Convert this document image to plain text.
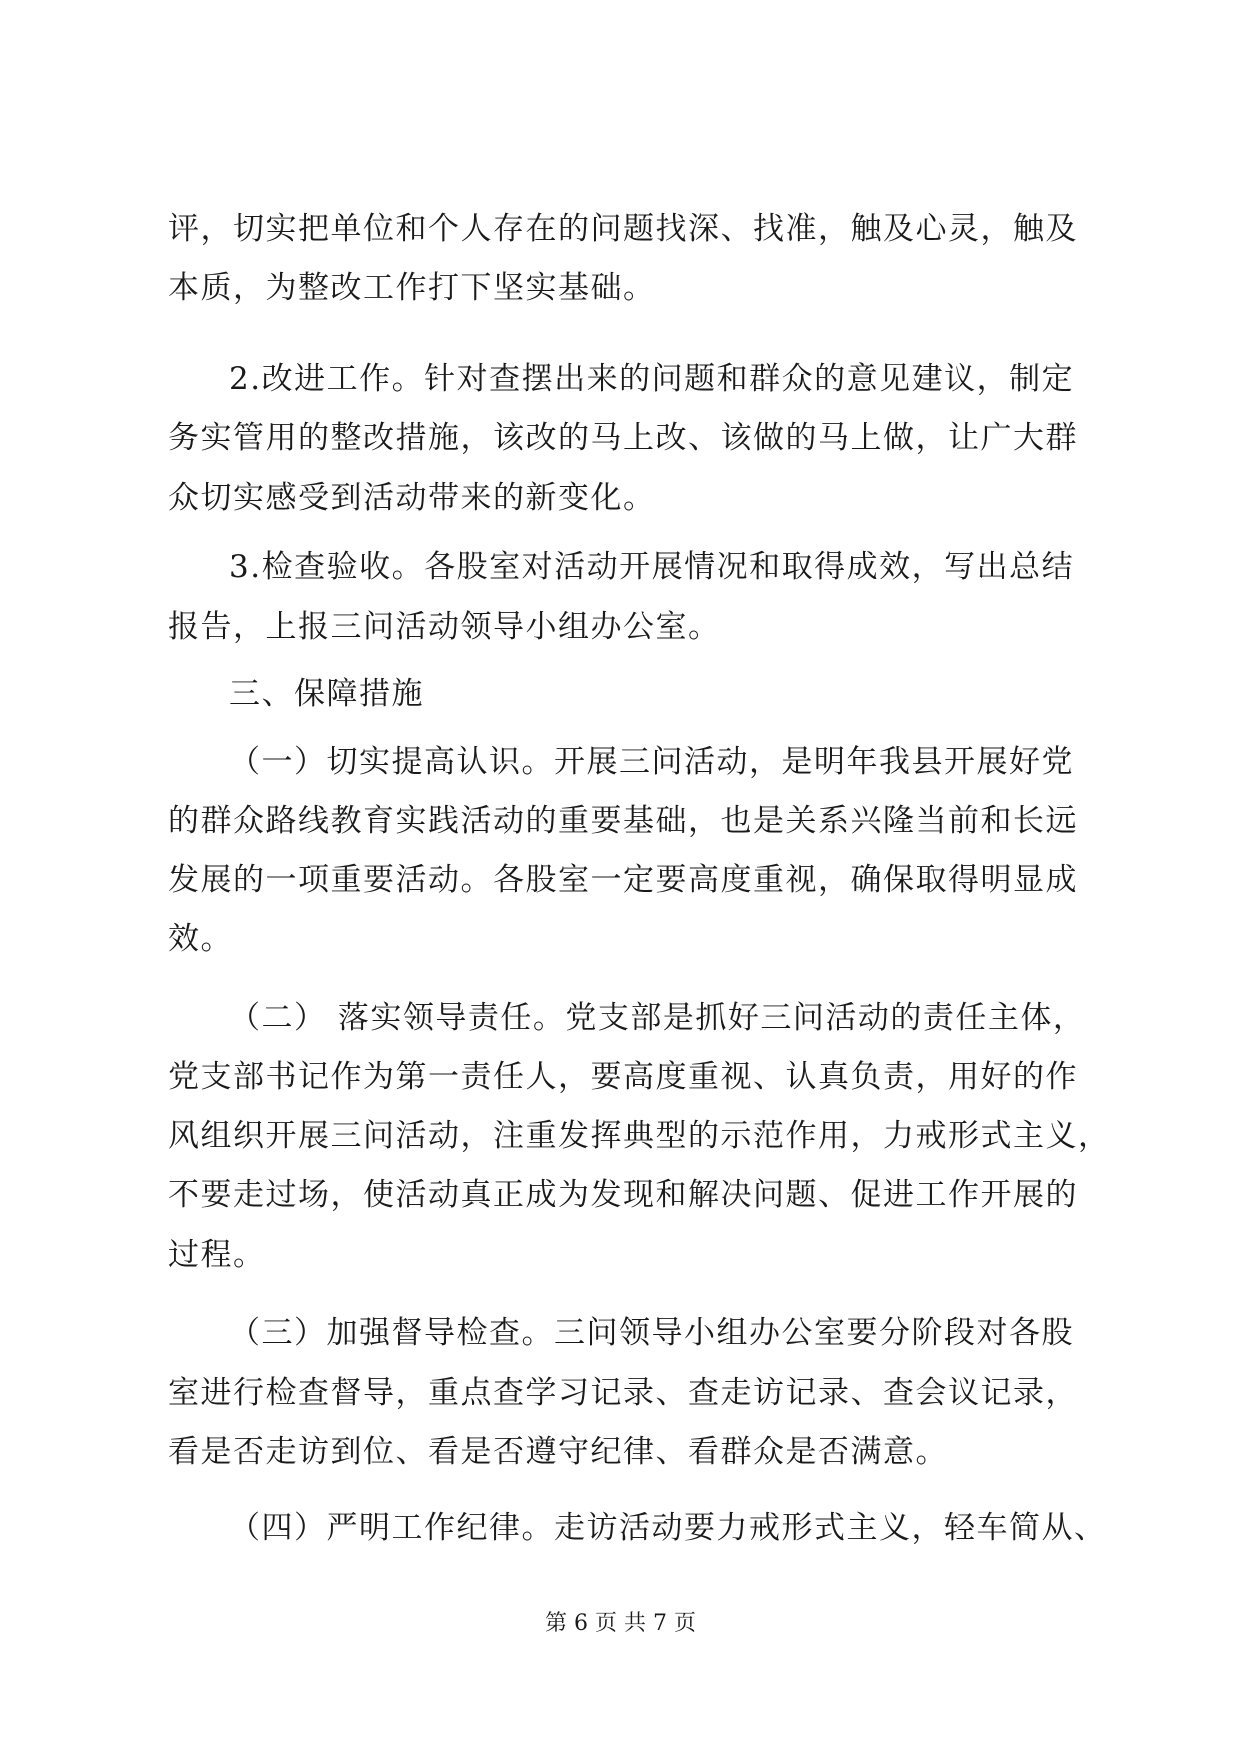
评，切实把单位和个人存在的问题找深、找准，触及心灵，触及
本质，为整改工作打下坚实基础。
2.改进工作。针对查摆出来的问题和群众的意见建议，制定
务实管用的整改措施，该改的马上改、该做的马上做，让广大群
众切实感受到活动带来的新变化。
3.检查验收。各股室对活动开展情况和取得成效，写出总结
报告，上报三问活动领导小组办公室。
三、保障措施
（一）切实提高认识。开展三问活动，是明年我县开展好党
的群众路线教育实践活动的重要基础，也是关系兴隆当前和长远
发展的一项重要活动。各股室一定要高度重视，确保取得明显成
效。
（二） 落实领导责任。党支部是抓好三问活动的责任主体，
党支部书记作为第一责任人，要高度重视、认真负责，用好的作
风组织开展三问活动，注重发挥典型的示范作用，力戒形式主义，
不要走过场，使活动真正成为发现和解决问题、促进工作开展的
过程。
（三）加强督导检查。三问领导小组办公室要分阶段对各股
室进行检查督导，重点查学习记录、查走访记录、查会议记录，
看是否走访到位、看是否遵守纪律、看群众是否满意。
（四）严明工作纪律。走访活动要力戒形式主义，轻车简从、
第 6 页 共 7 页
